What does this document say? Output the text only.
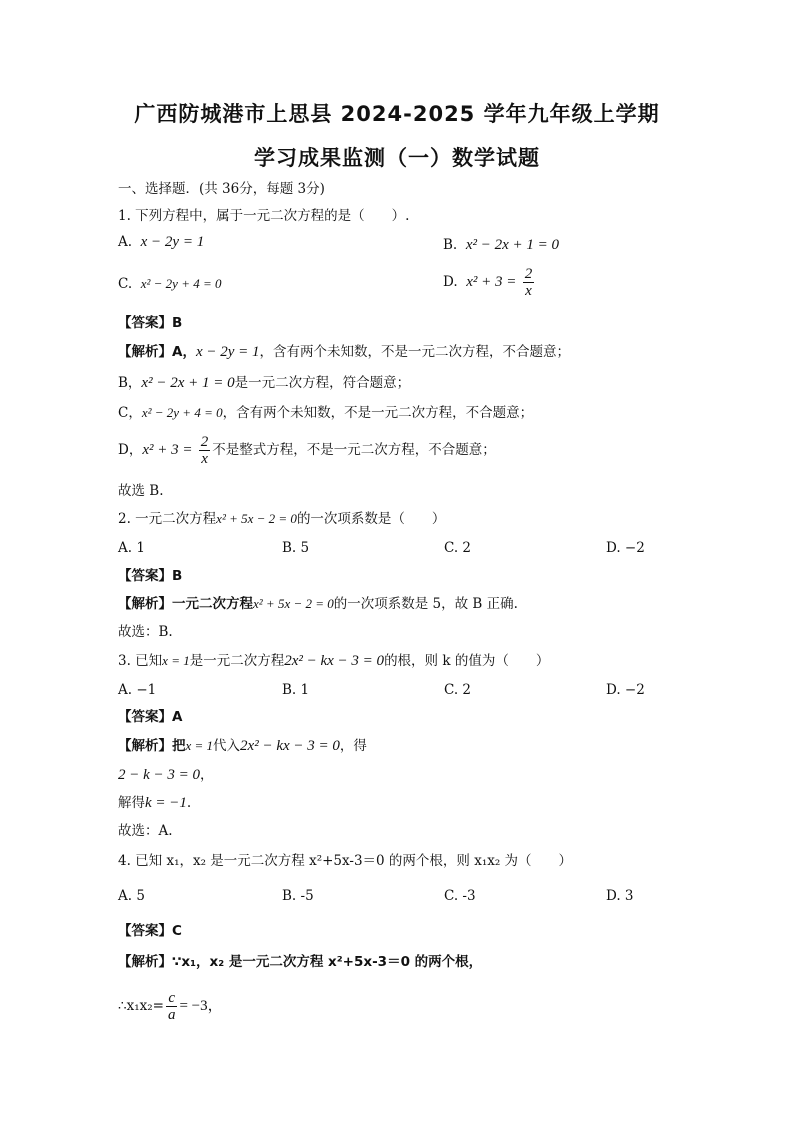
广西防城港市上思县 2024-2025 学年九年级上学期
学习成果监测（一）数学试题
一、选择题．(共 36分，每题 3分)
1. 下列方程中，属于一元二次方程的是（　　）.
A. x − 2y = 1	B. x² − 2x + 1 = 0
C. x² − 2y + 4 = 0	D. $x^2 + 3 = \frac{2}{x}$
【答案】B
【解析】A，x − 2y = 1，含有两个未知数，不是一元二次方程，不合题意；
B，x² − 2x + 1 = 0是一元二次方程，符合题意；
C，x² − 2y + 4 = 0，含有两个未知数，不是一元二次方程，不合题意；
D，$x^2 + 3 = \frac{2}{x}$ 不是整式方程，不是一元二次方程，不合题意；
故选 B.
2. 一元二次方程x² + 5x − 2 = 0的一次项系数是（　　）
A. 1	B. 5	C. 2	D. −2
【答案】B
【解析】一元二次方程x² + 5x − 2 = 0的一次项系数是 5，故 B 正确.
故选：B.
3. 已知x = 1是一元二次方程2x² − kx − 3 = 0的根，则 k 的值为（　　）
A. −1	B. 1	C. 2	D. −2
【答案】A
【解析】把x = 1代入2x² − kx − 3 = 0，得
2 − k − 3 = 0，
解得k = −1.
故选：A.
4. 已知 x₁，x₂ 是一元二次方程 x²+5x-3＝0 的两个根，则 x₁x₂ 为（　　）
A. 5	B. -5	C. -3	D. 3
【答案】C
【解析】∵x₁，x₂ 是一元二次方程 x²+5x-3＝0 的两个根，
∴x₁x₂= $\frac{c}{a} = -3$，
